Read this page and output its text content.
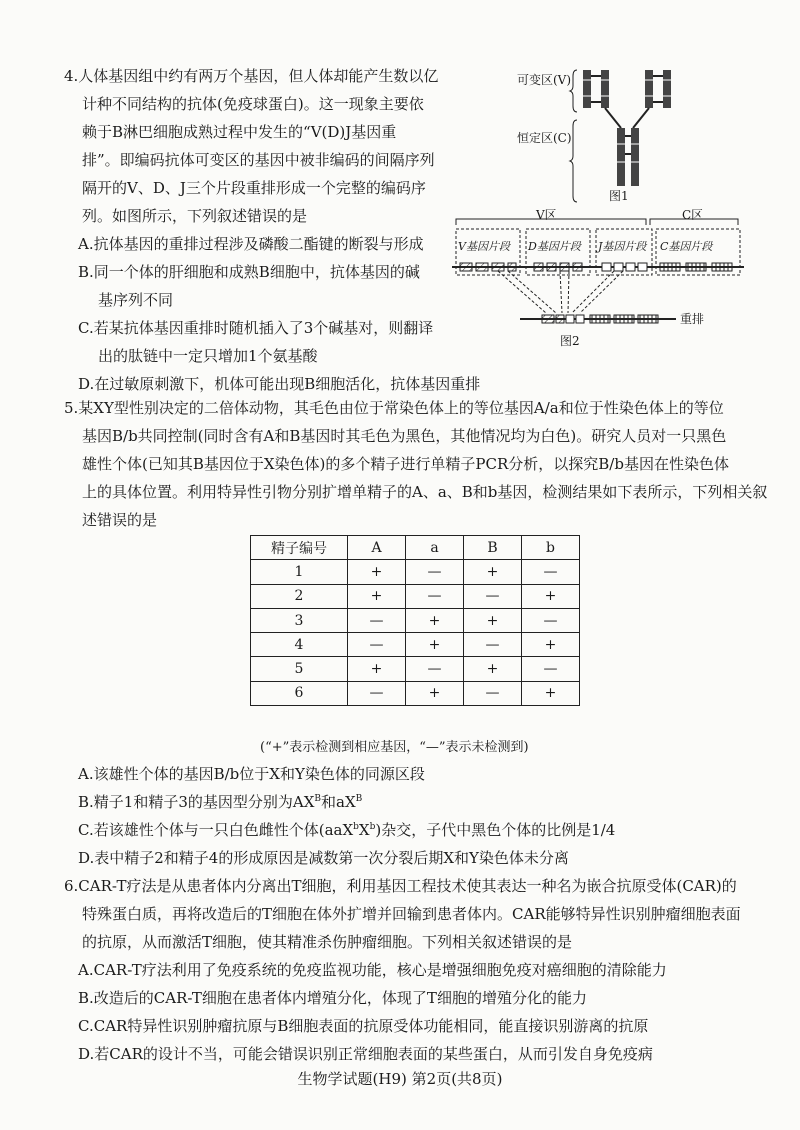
4.人体基因组中约有两万个基因，但人体却能产生数以亿
计种不同结构的抗体(免疫球蛋白)。这一现象主要依
赖于B淋巴细胞成熟过程中发生的“V(D)J基因重
排”。即编码抗体可变区的基因中被非编码的间隔序列
隔开的V、D、J三个片段重排形成一个完整的编码序
列。如图所示，下列叙述错误的是
A.抗体基因的重排过程涉及磷酸二酯键的断裂与形成
B.同一个体的肝细胞和成熟B细胞中，抗体基因的碱
基序列不同
C.若某抗体基因重排时随机插入了3个碱基对，则翻译
出的肽链中一定只增加1个氨基酸
D.在过敏原刺激下，机体可能出现B细胞活化，抗体基因重排
可变区(V)
恒定区(C)
图1
V区	C区
V基因片段 D基因片段 J基因片段 C基因片段
重排
图2
5.某XY型性别决定的二倍体动物，其毛色由位于常染色体上的等位基因A/a和位于性染色体上的等位
基因B/b共同控制(同时含有A和B基因时其毛色为黑色，其他情况均为白色)。研究人员对一只黑色
雄性个体(已知其B基因位于X染色体)的多个精子进行单精子PCR分析，以探究B/b基因在性染色体
上的具体位置。利用特异性引物分别扩增单精子的A、a、B和b基因，检测结果如下表所示，下列相关叙
述错误的是
精子编号	A	a	B	b
1	+	—	+	—
2	+	—	—	+
3	—	+	+	—
4	—	+	—	+
5	+	—	+	—
6	—	+	—	+
(“+”表示检测到相应基因，“—”表示未检测到)
A.该雄性个体的基因B/b位于X和Y染色体的同源区段
B.精子1和精子3的基因型分别为$AX^B$和$aX^B$
C.若该雄性个体与一只白色雌性个体$(aaX^bX^b)$杂交，子代中黑色个体的比例是1/4
D.表中精子2和精子4的形成原因是减数第一次分裂后期X和Y染色体未分离
6.CAR-T疗法是从患者体内分离出T细胞，利用基因工程技术使其表达一种名为嵌合抗原受体(CAR)的
特殊蛋白质，再将改造后的T细胞在体外扩增并回输到患者体内。CAR能够特异性识别肿瘤细胞表面
的抗原，从而激活T细胞，使其精准杀伤肿瘤细胞。下列相关叙述错误的是
A.CAR-T疗法利用了免疫系统的免疫监视功能，核心是增强细胞免疫对癌细胞的清除能力
B.改造后的CAR-T细胞在患者体内增殖分化，体现了T细胞的增殖分化的能力
C.CAR特异性识别肿瘤抗原与B细胞表面的抗原受体功能相同，能直接识别游离的抗原
D.若CAR的设计不当，可能会错误识别正常细胞表面的某些蛋白，从而引发自身免疫病
生物学试题(H9) 第2页(共8页)
